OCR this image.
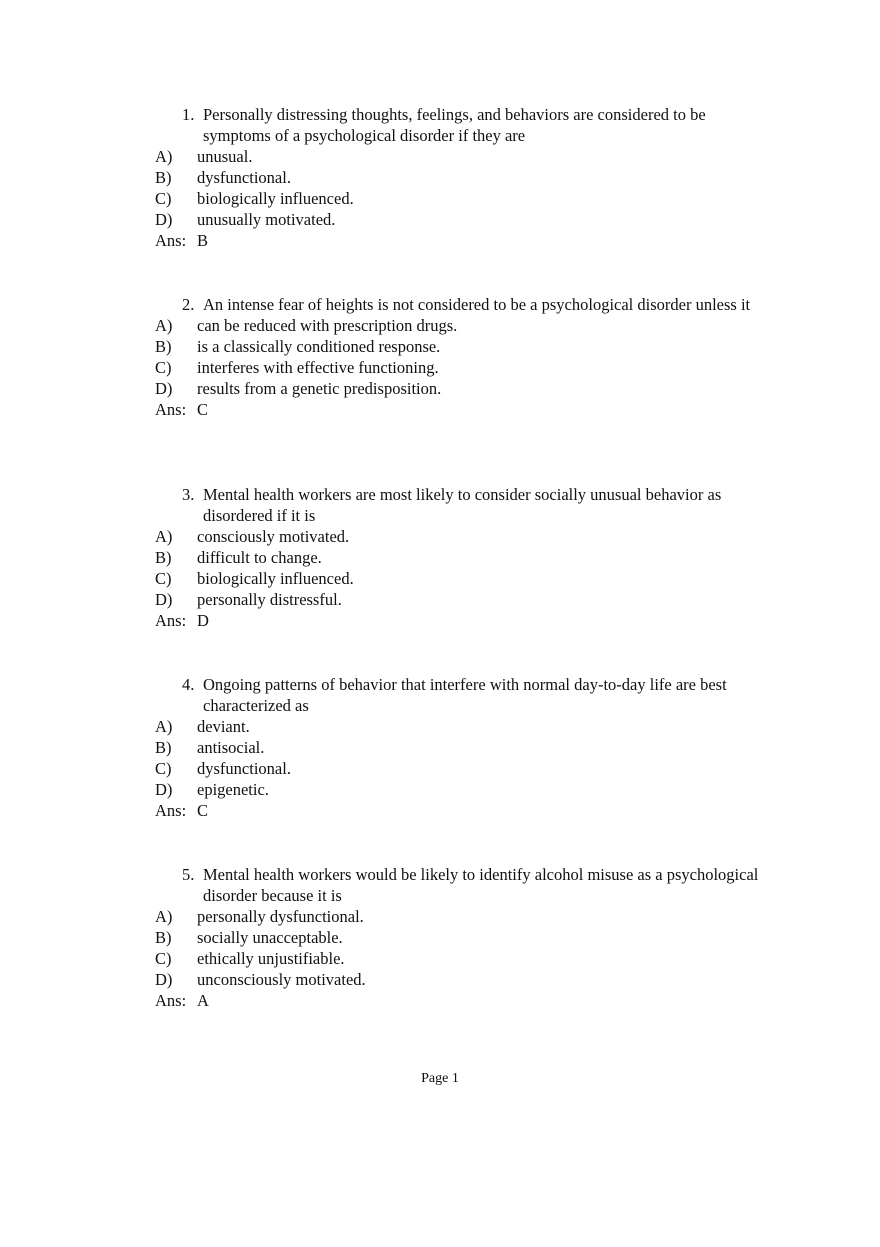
1. Personally distressing thoughts, feelings, and behaviors are considered to be symptoms of a psychological disorder if they are
A) unusual.
B) dysfunctional.
C) biologically influenced.
D) unusually motivated.
Ans: B
2. An intense fear of heights is not considered to be a psychological disorder unless it
A) can be reduced with prescription drugs.
B) is a classically conditioned response.
C) interferes with effective functioning.
D) results from a genetic predisposition.
Ans: C
3. Mental health workers are most likely to consider socially unusual behavior as disordered if it is
A) consciously motivated.
B) difficult to change.
C) biologically influenced.
D) personally distressful.
Ans: D
4. Ongoing patterns of behavior that interfere with normal day-to-day life are best characterized as
A) deviant.
B) antisocial.
C) dysfunctional.
D) epigenetic.
Ans: C
5. Mental health workers would be likely to identify alcohol misuse as a psychological disorder because it is
A) personally dysfunctional.
B) socially unacceptable.
C) ethically unjustifiable.
D) unconsciously motivated.
Ans: A
Page 1
